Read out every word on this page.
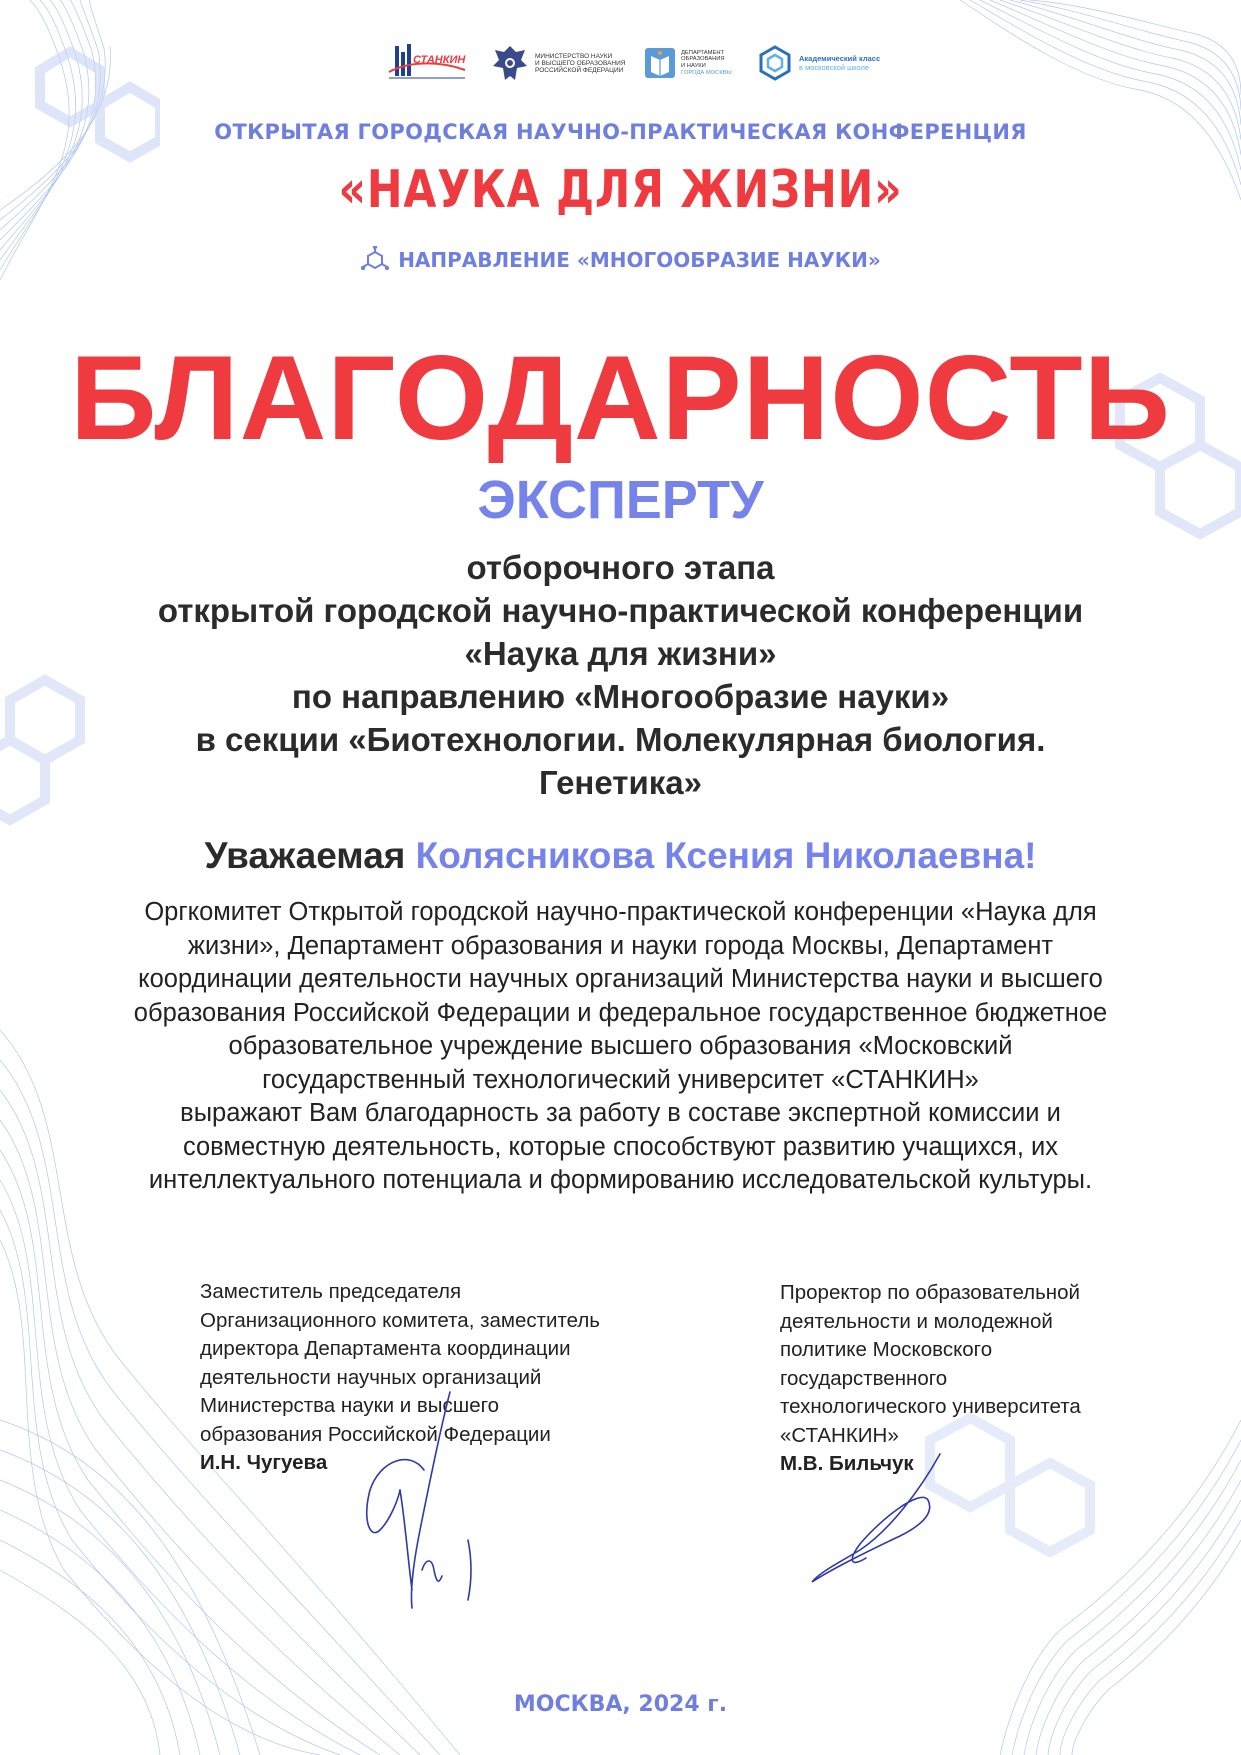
СТАНКИН	МИНИСТЕРСТВО НАУКИ
И ВЫСШЕГО ОБРАЗОВАНИЯ
РОССИЙСКОЙ ФЕДЕРАЦИИ
ДЕПАРТАМЕНТ
ОБРАЗОВАНИЯ
И НАУКИ
ГОРОДА МОСКВЫ
Академический класс
в московской школе
ОТКРЫТАЯ ГОРОДСКАЯ НАУЧНО-ПРАКТИЧЕСКАЯ КОНФЕРЕНЦИЯ
«НАУКА ДЛЯ ЖИЗНИ»
НАПРАВЛЕНИЕ «МНОГООБРАЗИЕ НАУКИ»
БЛАГОДАРНОСТЬ
ЭКСПЕРТУ
отборочного этапа
открытой городской научно-практической конференции
«Наука для жизни»
по направлению «Многообразие науки»
в секции «Биотехнологии. Молекулярная биология.
Генетика»
Уважаемая Колясникова Ксения Николаевна!
Оргкомитет Открытой городской научно-практической конференции «Наука для
жизни», Департамент образования и науки города Москвы, Департамент
координации деятельности научных организаций Министерства науки и высшего
образования Российской Федерации и федеральное государственное бюджетное
образовательное учреждение высшего образования «Московский
государственный технологический университет «СТАНКИН»
выражают Вам благодарность за работу в составе экспертной комиссии и
совместную деятельность, которые способствуют развитию учащихся, их
интеллектуального потенциала и формированию исследовательской культуры.
Заместитель председателя
Организационного комитета, заместитель
директора Департамента координации
деятельности научных организаций
Министерства науки и высшего
образования Российской Федерации
И.Н. Чугуева
Проректор по образовательной
деятельности и молодежной
политике Московского
государственного
технологического университета
«СТАНКИН»
М.В. Бильчук
МОСКВА, 2024 г.
